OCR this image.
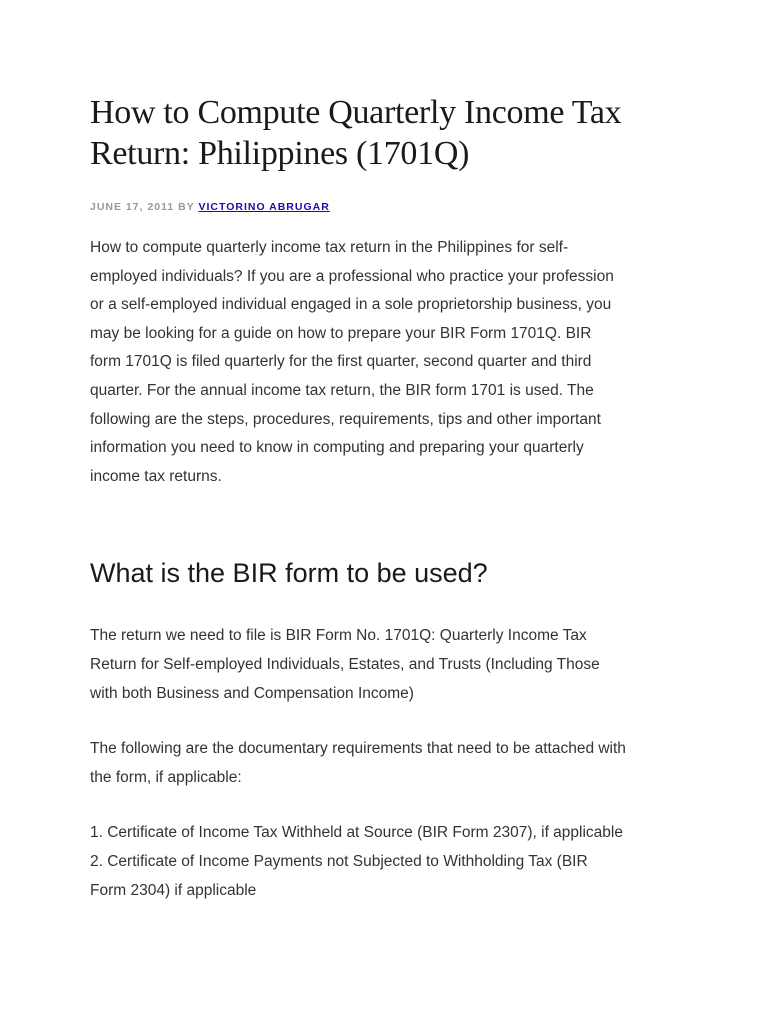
How to Compute Quarterly Income Tax
Return: Philippines (1701Q)
JUNE 17, 2011 BY VICTORINO ABRUGAR

How to compute quarterly income tax return in the Philippines for self-
employed individuals? If you are a professional who practice your profession
or a self-employed individual engaged in a sole proprietorship business, you
may be looking for a guide on how to prepare your BIR Form 1701Q. BIR
form 1701Q is filed quarterly for the first quarter, second quarter and third
quarter. For the annual income tax return, the BIR form 1701 is used. The
following are the steps, procedures, requirements, tips and other important
information you need to know in computing and preparing your quarterly
income tax returns.

What is the BIR form to be used?

The return we need to file is BIR Form No. 1701Q: Quarterly Income Tax
Return for Self-employed Individuals, Estates, and Trusts (Including Those
with both Business and Compensation Income)

The following are the documentary requirements that need to be attached with
the form, if applicable:

1. Certificate of Income Tax Withheld at Source (BIR Form 2307), if applicable
2. Certificate of Income Payments not Subjected to Withholding Tax (BIR
Form 2304) if applicable
